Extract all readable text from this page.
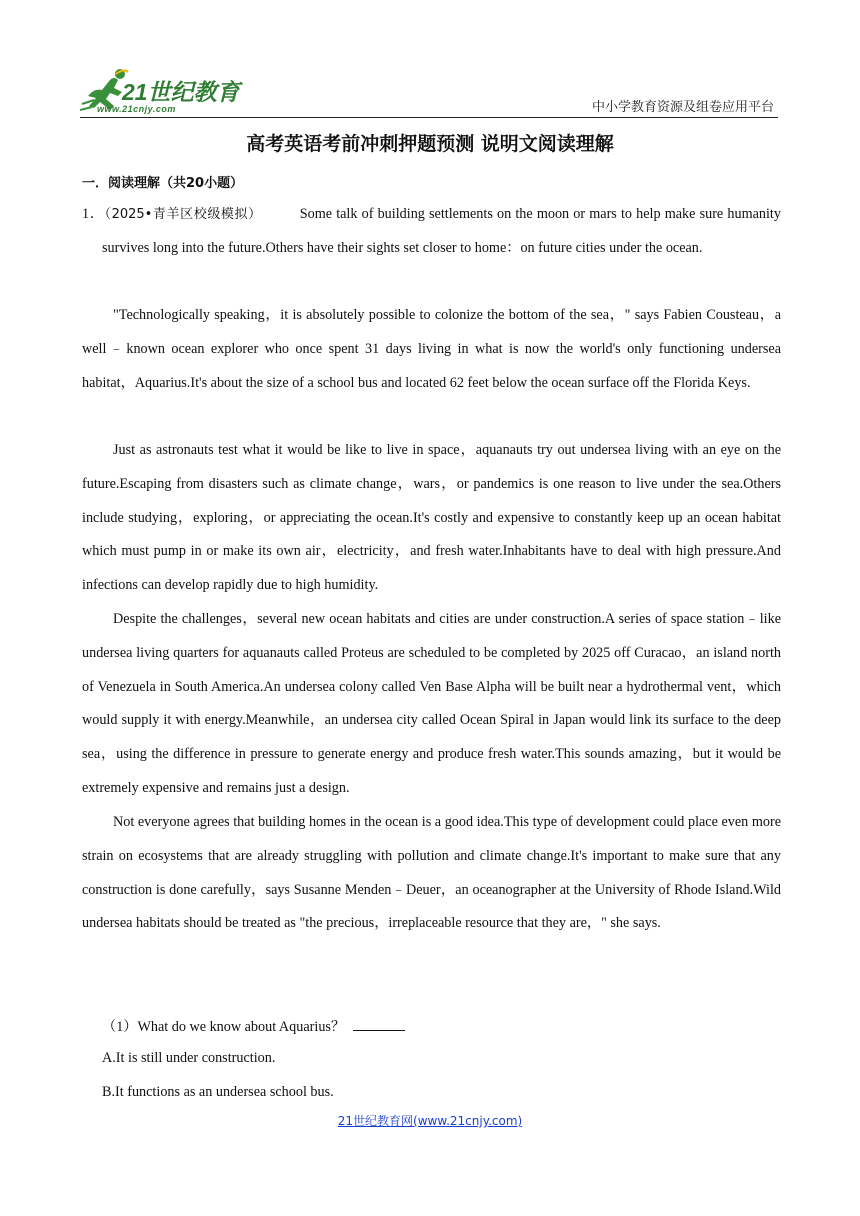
21世纪教育
www.21cnjy.com	中小学教育资源及组卷应用平台
高考英语考前冲刺押题预测 说明文阅读理解
一．阅读理解（共20小题）
1．（2025•青羊区校级模拟）	Some talk of building settlements on the moon or mars to help make sure humanity survives long into the future.Others have their sights set closer to home：on future cities under the ocean.

"Technologically speaking，it is absolutely possible to colonize the bottom of the sea，" says Fabien Cousteau，a well﹣known ocean explorer who once spent 31 days living in what is now the world's only functioning undersea habitat，Aquarius.It's about the size of a school bus and located 62 feet below the ocean surface off the Florida Keys.

Just as astronauts test what it would be like to live in space，aquanauts try out undersea living with an eye on the future.Escaping from disasters such as climate change，wars，or pandemics is one reason to live under the sea.Others include studying，exploring，or appreciating the ocean.It's costly and expensive to constantly keep up an ocean habitat which must pump in or make its own air，electricity，and fresh water.Inhabitants have to deal with high pressure.And infections can develop rapidly due to high humidity.

Despite the challenges，several new ocean habitats and cities are under construction.A series of space station﹣like undersea living quarters for aquanauts called Proteus are scheduled to be completed by 2025 off Curacao，an island north of Venezuela in South America.An undersea colony called Ven Base Alpha will be built near a hydrothermal vent，which would supply it with energy.Meanwhile，an undersea city called Ocean Spiral in Japan would link its surface to the deep sea，using the difference in pressure to generate energy and produce fresh water.This sounds amazing，but it would be extremely expensive and remains just a design.

Not everyone agrees that building homes in the ocean is a good idea.This type of development could place even more strain on ecosystems that are already struggling with pollution and climate change.It's important to make sure that any construction is done carefully，says Susanne Menden﹣Deuer，an oceanographer at the University of Rhode Island.Wild undersea habitats should be treated as "the precious，irreplaceable resource that they are，" she says.

（1）What do we know about Aquarius？
A.It is still under construction.
B.It functions as an undersea school bus.
21世纪教育网(www.21cnjy.com)
